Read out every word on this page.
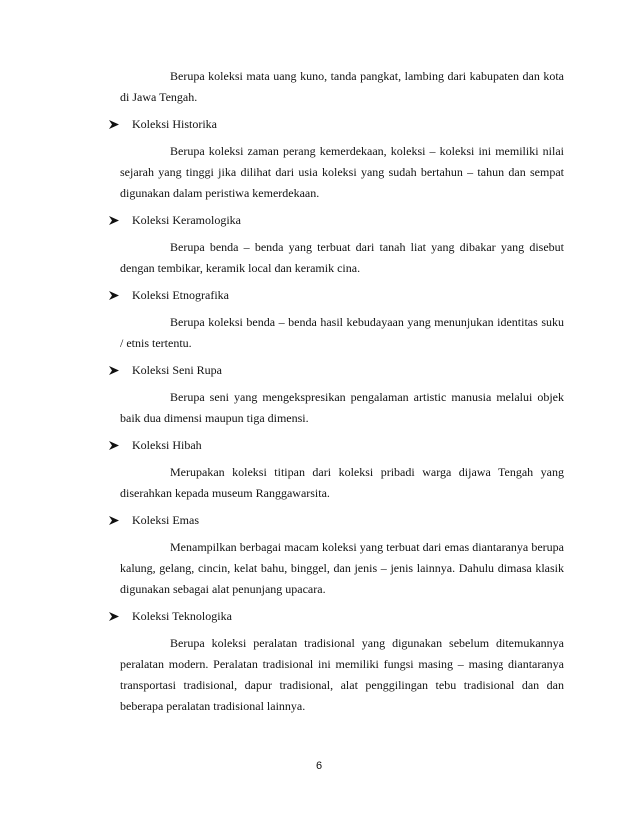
Berupa koleksi mata uang kuno, tanda pangkat, lambing dari kabupaten dan kota di Jawa Tengah.

Koleksi Historika

Berupa koleksi zaman perang kemerdekaan, koleksi – koleksi ini memiliki nilai sejarah yang tinggi jika dilihat dari usia koleksi yang sudah bertahun – tahun dan sempat digunakan dalam peristiwa kemerdekaan.

Koleksi Keramologika

Berupa benda – benda yang terbuat dari tanah liat yang dibakar yang disebut dengan tembikar, keramik local dan keramik cina.

Koleksi Etnografika

Berupa koleksi benda – benda hasil kebudayaan yang menunjukan identitas suku / etnis tertentu.

Koleksi Seni Rupa

Berupa seni yang mengekspresikan pengalaman artistic manusia melalui objek baik dua dimensi maupun tiga dimensi.

Koleksi Hibah

Merupakan koleksi titipan dari koleksi pribadi warga dijawa Tengah yang diserahkan kepada museum Ranggawarsita.

Koleksi Emas

Menampilkan berbagai macam koleksi yang terbuat dari emas diantaranya berupa kalung, gelang, cincin, kelat bahu, binggel, dan jenis – jenis lainnya. Dahulu dimasa klasik digunakan sebagai alat penunjang upacara.

Koleksi Teknologika

Berupa koleksi peralatan tradisional yang digunakan sebelum ditemukannya peralatan modern. Peralatan tradisional ini memiliki fungsi masing – masing diantaranya transportasi tradisional, dapur tradisional, alat penggilingan tebu tradisional dan dan beberapa peralatan tradisional lainnya.

6
